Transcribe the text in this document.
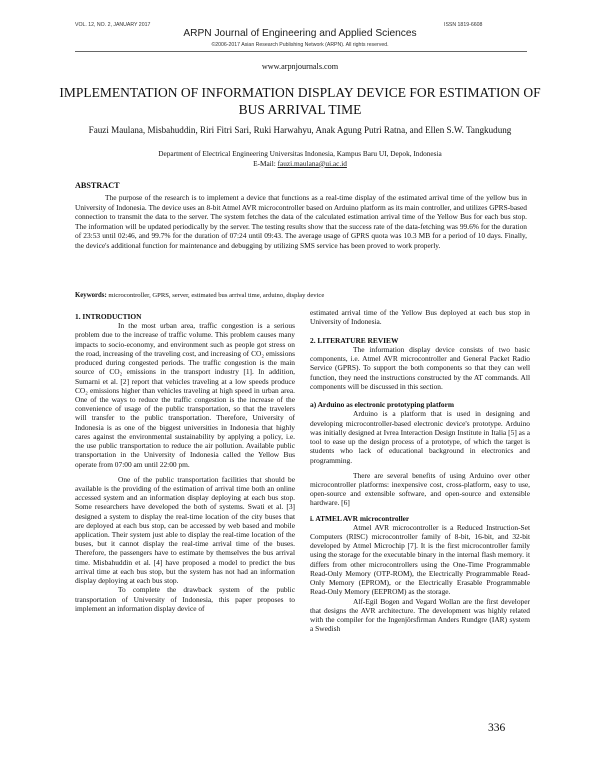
VOL. 12, NO. 2, JANUARY 2017	ISSN 1819-6608
ARPN Journal of Engineering and Applied Sciences
©2006-2017 Asian Research Publishing Network (ARPN). All rights reserved.
www.arpnjournals.com
IMPLEMENTATION OF INFORMATION DISPLAY DEVICE FOR ESTIMATION OF BUS ARRIVAL TIME
Fauzi Maulana, Misbahuddin, Riri Fitri Sari, Ruki Harwahyu, Anak Agung Putri Ratna, and Ellen S.W. Tangkudung
Department of Electrical Engineering Universitas Indonesia, Kampus Baru UI, Depok, Indonesia
E-Mail: fauzi.maulana@ui.ac.id
ABSTRACT
The purpose of the research is to implement a device that functions as a real-time display of the estimated arrival time of the yellow bus in University of Indonesia. The device uses an 8-bit Atmel AVR microcontroller based on Arduino platform as its main controller, and utilizes GPRS-based connection to transmit the data to the server. The system fetches the data of the calculated estimation arrival time of the Yellow Bus for each bus stop. The information will be updated periodically by the server. The testing results show that the success rate of the data-fetching was 99.6% for the duration of 23:53 until 02:46, and 99.7% for the duration of 07:24 until 09:43. The average usage of GPRS quota was 10.3 MB for a period of 10 days. Finally, the device's additional function for maintenance and debugging by utilizing SMS service has been proved to work properly.
Keywords: microcontroller, GPRS, server, estimated bus arrival time, arduino, display device

1. INTRODUCTION

In the most urban area, traffic congestion is a serious problem due to the increase of traffic volume. This problem causes many impacts to socio-economy, and environment such as people got stress on the road, increasing of the traveling cost, and increasing of CO₂ emissions produced during congested periods. The traffic congestion is the main source of CO₂ emissions in the transport industry [1]. In addition, Sumarni et al. [2] report that vehicles traveling at a low speeds produce CO₂ emissions higher than vehicles traveling at high speed in urban area. One of the ways to reduce the traffic congestion is the increase of the convenience of usage of the public transportation, so that the travelers will transfer to the public transportation. Therefore, University of Indonesia is as one of the biggest universities in Indonesia that highly cares against the environmental sustainability by applying a policy, i.e. the use public transportation to reduce the air pollution. Available public transportation in the University of Indonesia called the Yellow Bus operate from 07:00 am until 22:00 pm.

One of the public transportation facilities that should be available is the providing of the estimation of arrival time both an online accessed system and an information display deploying at each bus stop. Some researchers have developed the both of systems. Swati et al. [3] designed a system to display the real-time location of the city buses that are deployed at each bus stop, can be accessed by web based and mobile application. Their system just able to display the real-time location of the buses, but it cannot display the real-time arrival time of the buses. Therefore, the passengers have to estimate by themselves the bus arrival time. Misbahuddin et al. [4] have proposed a model to predict the bus arrival time at each bus stop, but the system has not had an information display deploying at each bus stop.

To complete the drawback system of the public transportation of University of Indonesia, this paper proposes to implement an information display device of

estimated arrival time of the Yellow Bus deployed at each bus stop in University of Indonesia.

2. LITERATURE REVIEW

The information display device consists of two basic components, i.e. Atmel AVR microcontroller and General Packet Radio Service (GPRS). To support the both components so that they can well function, they need the instructions constructed by the AT commands. All components will be discussed in this section.

a) Arduino as electronic prototyping platform

Arduino is a platform that is used in designing and developing microcontroller-based electronic device's prototype. Arduino was initially designed at Ivrea Interaction Design Institute in Italia [5] as a tool to ease up the design process of a prototype, of which the target is students who lack of educational background in electronics and programming.

There are several benefits of using Arduino over other microcontroller platforms: inexpensive cost, cross-platform, easy to use, open-source and extensible software, and open-source and extensible hardware. [6]

i. ATMEL AVR microcontroller

Atmel AVR microcontroller is a Reduced Instruction-Set Computers (RISC) microcontroller family of 8-bit, 16-bit, and 32-bit developed by Atmel Microchip [7]. It is the first microcontroller family using the storage for the executable binary in the internal flash memory. it differs from other microcontrollers using the One-Time Programmable Read-Only Memory (OTP-ROM), the Electrically Programmable Read-Only Memory (EPROM), or the Electrically Erasable Programmable Read-Only Memory (EEPROM) as the storage.

Alf-Egil Bogen and Vegard Wollan are the first developer that designs the AVR architecture. The development was highly related with the compiler for the Ingenjörsfirman Anders Rundgre (IAR) system a Swedish

336
